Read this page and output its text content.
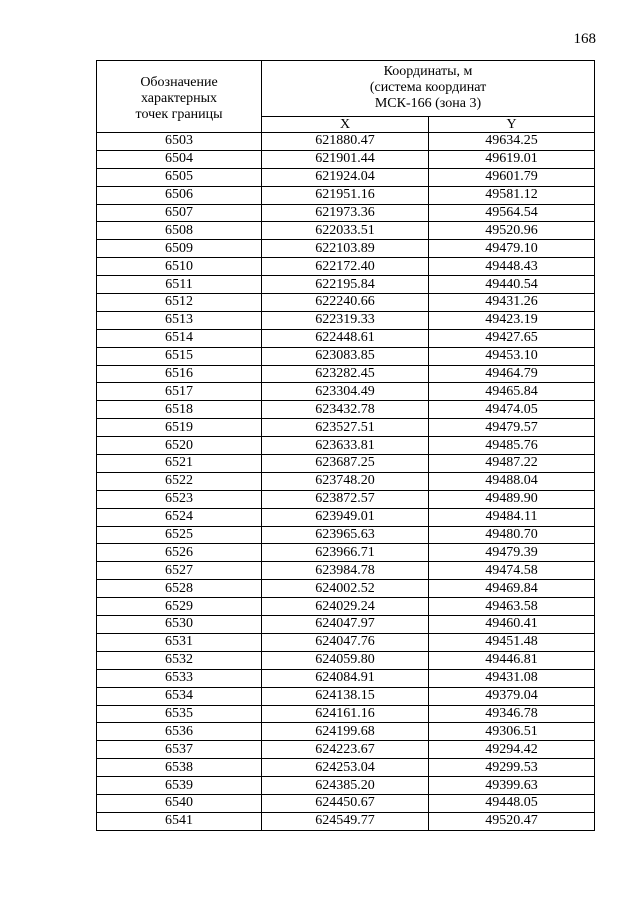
168
Обозначение
характерных
точек границы	Координаты, м
(система координат
МСК-166 (зона 3)	

	X	Y
6503	621880.47	49634.25
6504	621901.44	49619.01
6505	621924.04	49601.79
6506	621951.16	49581.12
6507	621973.36	49564.54
6508	622033.51	49520.96
6509	622103.89	49479.10
6510	622172.40	49448.43
6511	622195.84	49440.54
6512	622240.66	49431.26
6513	622319.33	49423.19
6514	622448.61	49427.65
6515	623083.85	49453.10
6516	623282.45	49464.79
6517	623304.49	49465.84
6518	623432.78	49474.05
6519	623527.51	49479.57
6520	623633.81	49485.76
6521	623687.25	49487.22
6522	623748.20	49488.04
6523	623872.57	49489.90
6524	623949.01	49484.11
6525	623965.63	49480.70
6526	623966.71	49479.39
6527	623984.78	49474.58
6528	624002.52	49469.84
6529	624029.24	49463.58
6530	624047.97	49460.41
6531	624047.76	49451.48
6532	624059.80	49446.81
6533	624084.91	49431.08
6534	624138.15	49379.04
6535	624161.16	49346.78
6536	624199.68	49306.51
6537	624223.67	49294.42
6538	624253.04	49299.53
6539	624385.20	49399.63
6540	624450.67	49448.05
6541	624549.77	49520.47
